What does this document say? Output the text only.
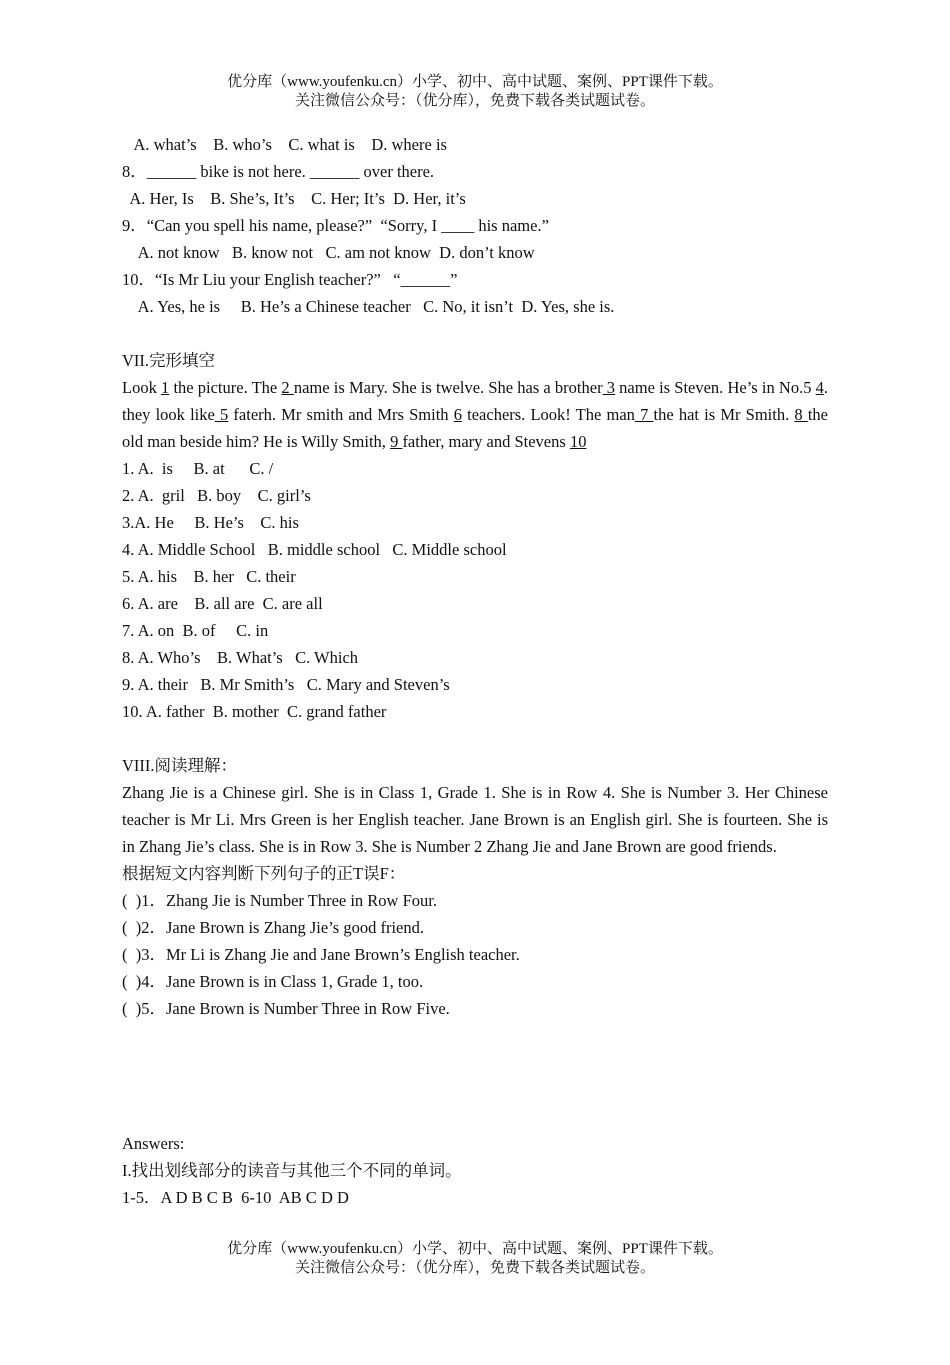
优分库（www.youfenku.cn）小学、初中、高中试题、案例、PPT课件下载。
关注微信公众号：（优分库），免费下载各类试题试卷。
A. what’s    B. who’s    C. what is    D. where is
8．______ bike is not here. ______ over there.
A. Her, Is    B. She’s, It’s    C. Her; It’s  D. Her, it’s
9．“Can you spell his name, please?”  “Sorry, I ____ his name.”
A. not know   B. know not   C. am not know  D. don’t know
10．“Is Mr Liu your English teacher?”   “______”
A. Yes, he is     B. He’s a Chinese teacher   C. No, it isn’t  D. Yes, she is.
VII.完形填空
Look 1 the picture. The 2 name is Mary. She is twelve. She has a brother 3 name is Steven. He’s in No.5 4. they look like 5 faterh. Mr smith and Mrs Smith 6 teachers. Look! The man 7 the hat is Mr Smith. 8 the old man beside him? He is Willy Smith, 9 father, mary and Stevens 10
1. A.  is     B. at      C. /
2. A.  gril   B. boy    C. girl’s
3.A. He     B. He’s    C. his
4. A. Middle School   B. middle school   C. Middle school
5. A. his    B. her   C. their
6. A. are    B. all are  C. are all
7. A. on  B. of     C. in
8. A. Who’s    B. What’s   C. Which
9. A. their   B. Mr Smith’s   C. Mary and Steven’s
10. A. father  B. mother  C. grand father
VIII.阅读理解：
Zhang Jie is a Chinese girl. She is in Class 1, Grade 1. She is in Row 4. She is Number 3. Her Chinese teacher is Mr Li. Mrs Green is her English teacher. Jane Brown is an English girl. She is fourteen. She is in Zhang Jie’s class. She is in Row 3. She is Number 2 Zhang Jie and Jane Brown are good friends.
根据短文内容判断下列句子的正T误F：
(  )1．Zhang Jie is Number Three in Row Four.
(  )2．Jane Brown is Zhang Jie’s good friend.
(  )3．Mr Li is Zhang Jie and Jane Brown’s English teacher.
(  )4．Jane Brown is in Class 1, Grade 1, too.
(  )5．Jane Brown is Number Three in Row Five.
Answers:
I.找出划线部分的读音与其他三个不同的单词。
1-5．A D B C B  6-10  AB C D D
优分库（www.youfenku.cn）小学、初中、高中试题、案例、PPT课件下载。
关注微信公众号：（优分库），免费下载各类试题试卷。
